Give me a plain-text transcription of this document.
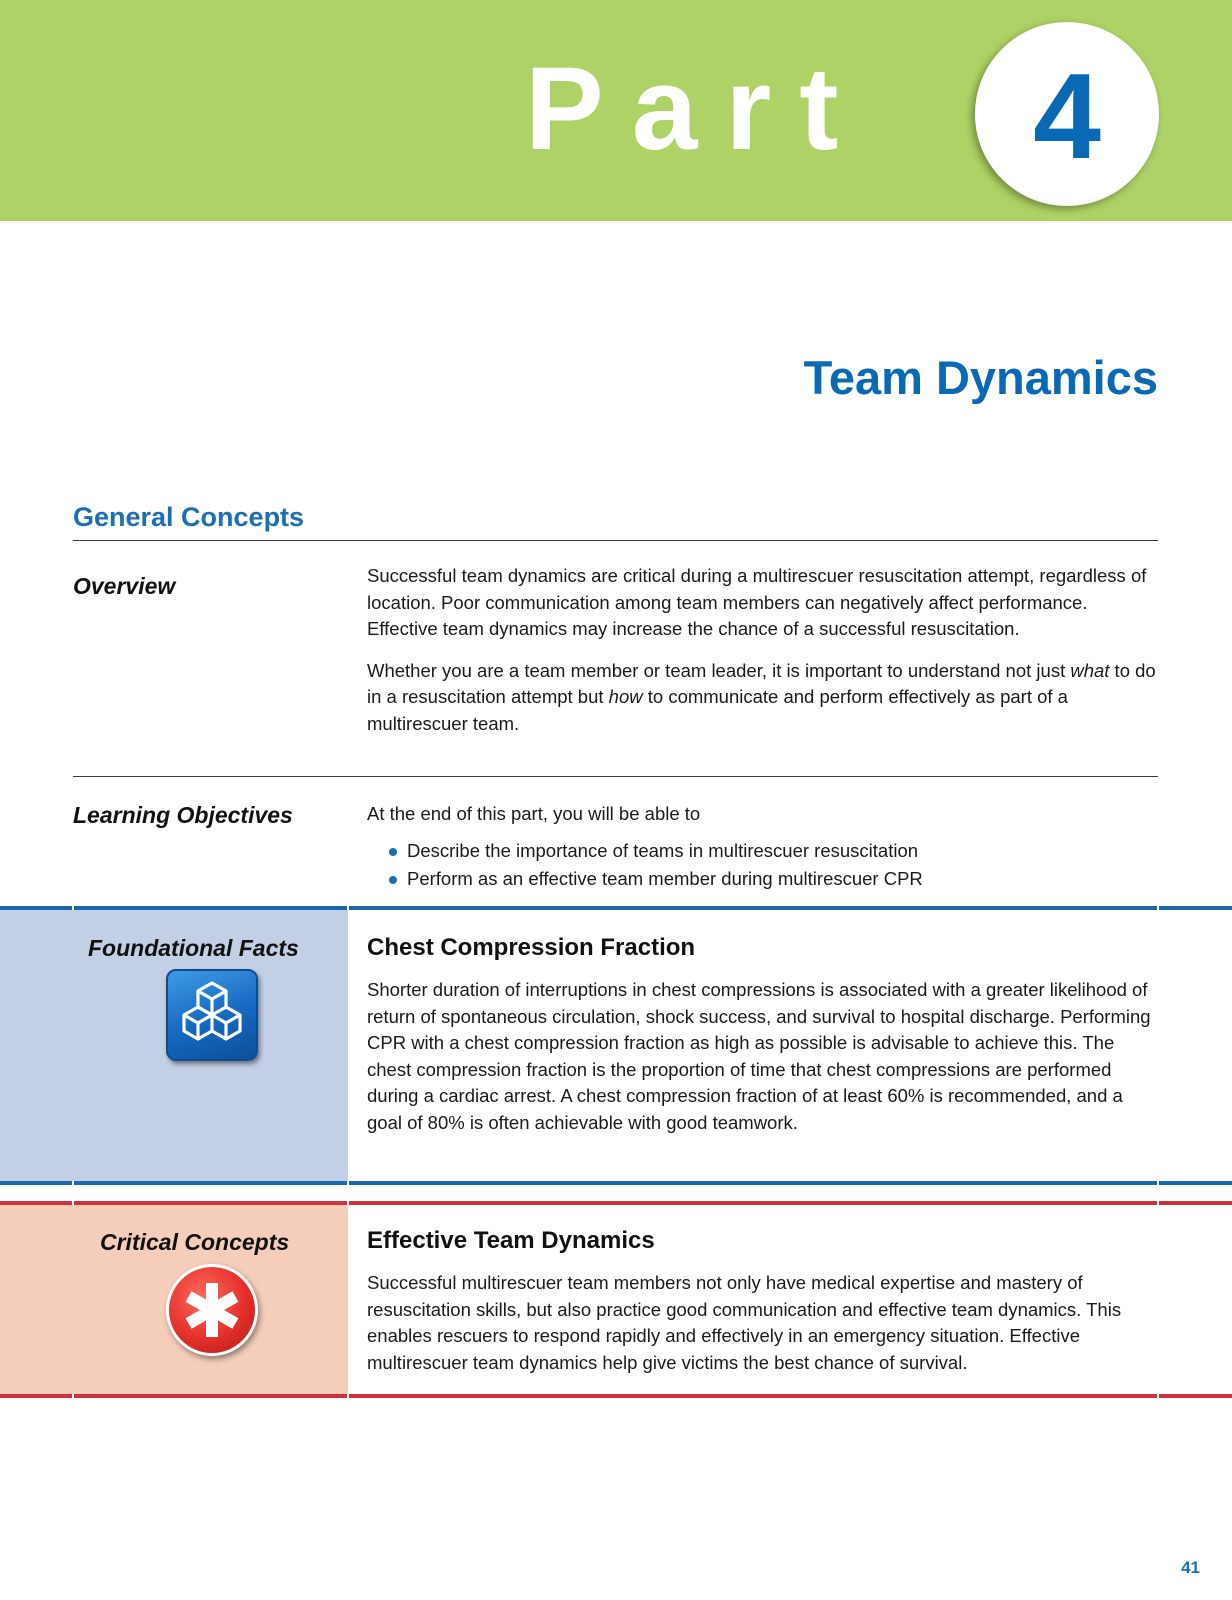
Part	4
Team Dynamics
General Concepts
Overview	Successful team dynamics are critical during a multirescuer resuscitation attempt, regardless of location. Poor communication among team members can negatively affect performance. Effective team dynamics may increase the chance of a successful resuscitation.

Whether you are a team member or team leader, it is important to understand not just what to do in a resuscitation attempt but how to communicate and perform effectively as part of a multirescuer team.

Learning Objectives	At the end of this part, you will be able to

Describe the importance of teams in multirescuer resuscitation
Perform as an effective team member during multirescuer CPR
Foundational Facts	Chest Compression Fraction
Shorter duration of interruptions in chest compressions is associated with a greater likelihood of return of spontaneous circulation, shock success, and survival to hospital discharge. Performing CPR with a chest compression fraction as high as possible is advisable to achieve this. The chest compression fraction is the proportion of time that chest compressions are performed during a cardiac arrest. A chest compression fraction of at least 60% is recommended, and a goal of 80% is often achievable with good teamwork.
Critical Concepts	Effective Team Dynamics
Successful multirescuer team members not only have medical expertise and mastery of resuscitation skills, but also practice good communication and effective team dynamics. This enables rescuers to respond rapidly and effectively in an emergency situation. Effective multirescuer team dynamics help give victims the best chance of survival.
41
